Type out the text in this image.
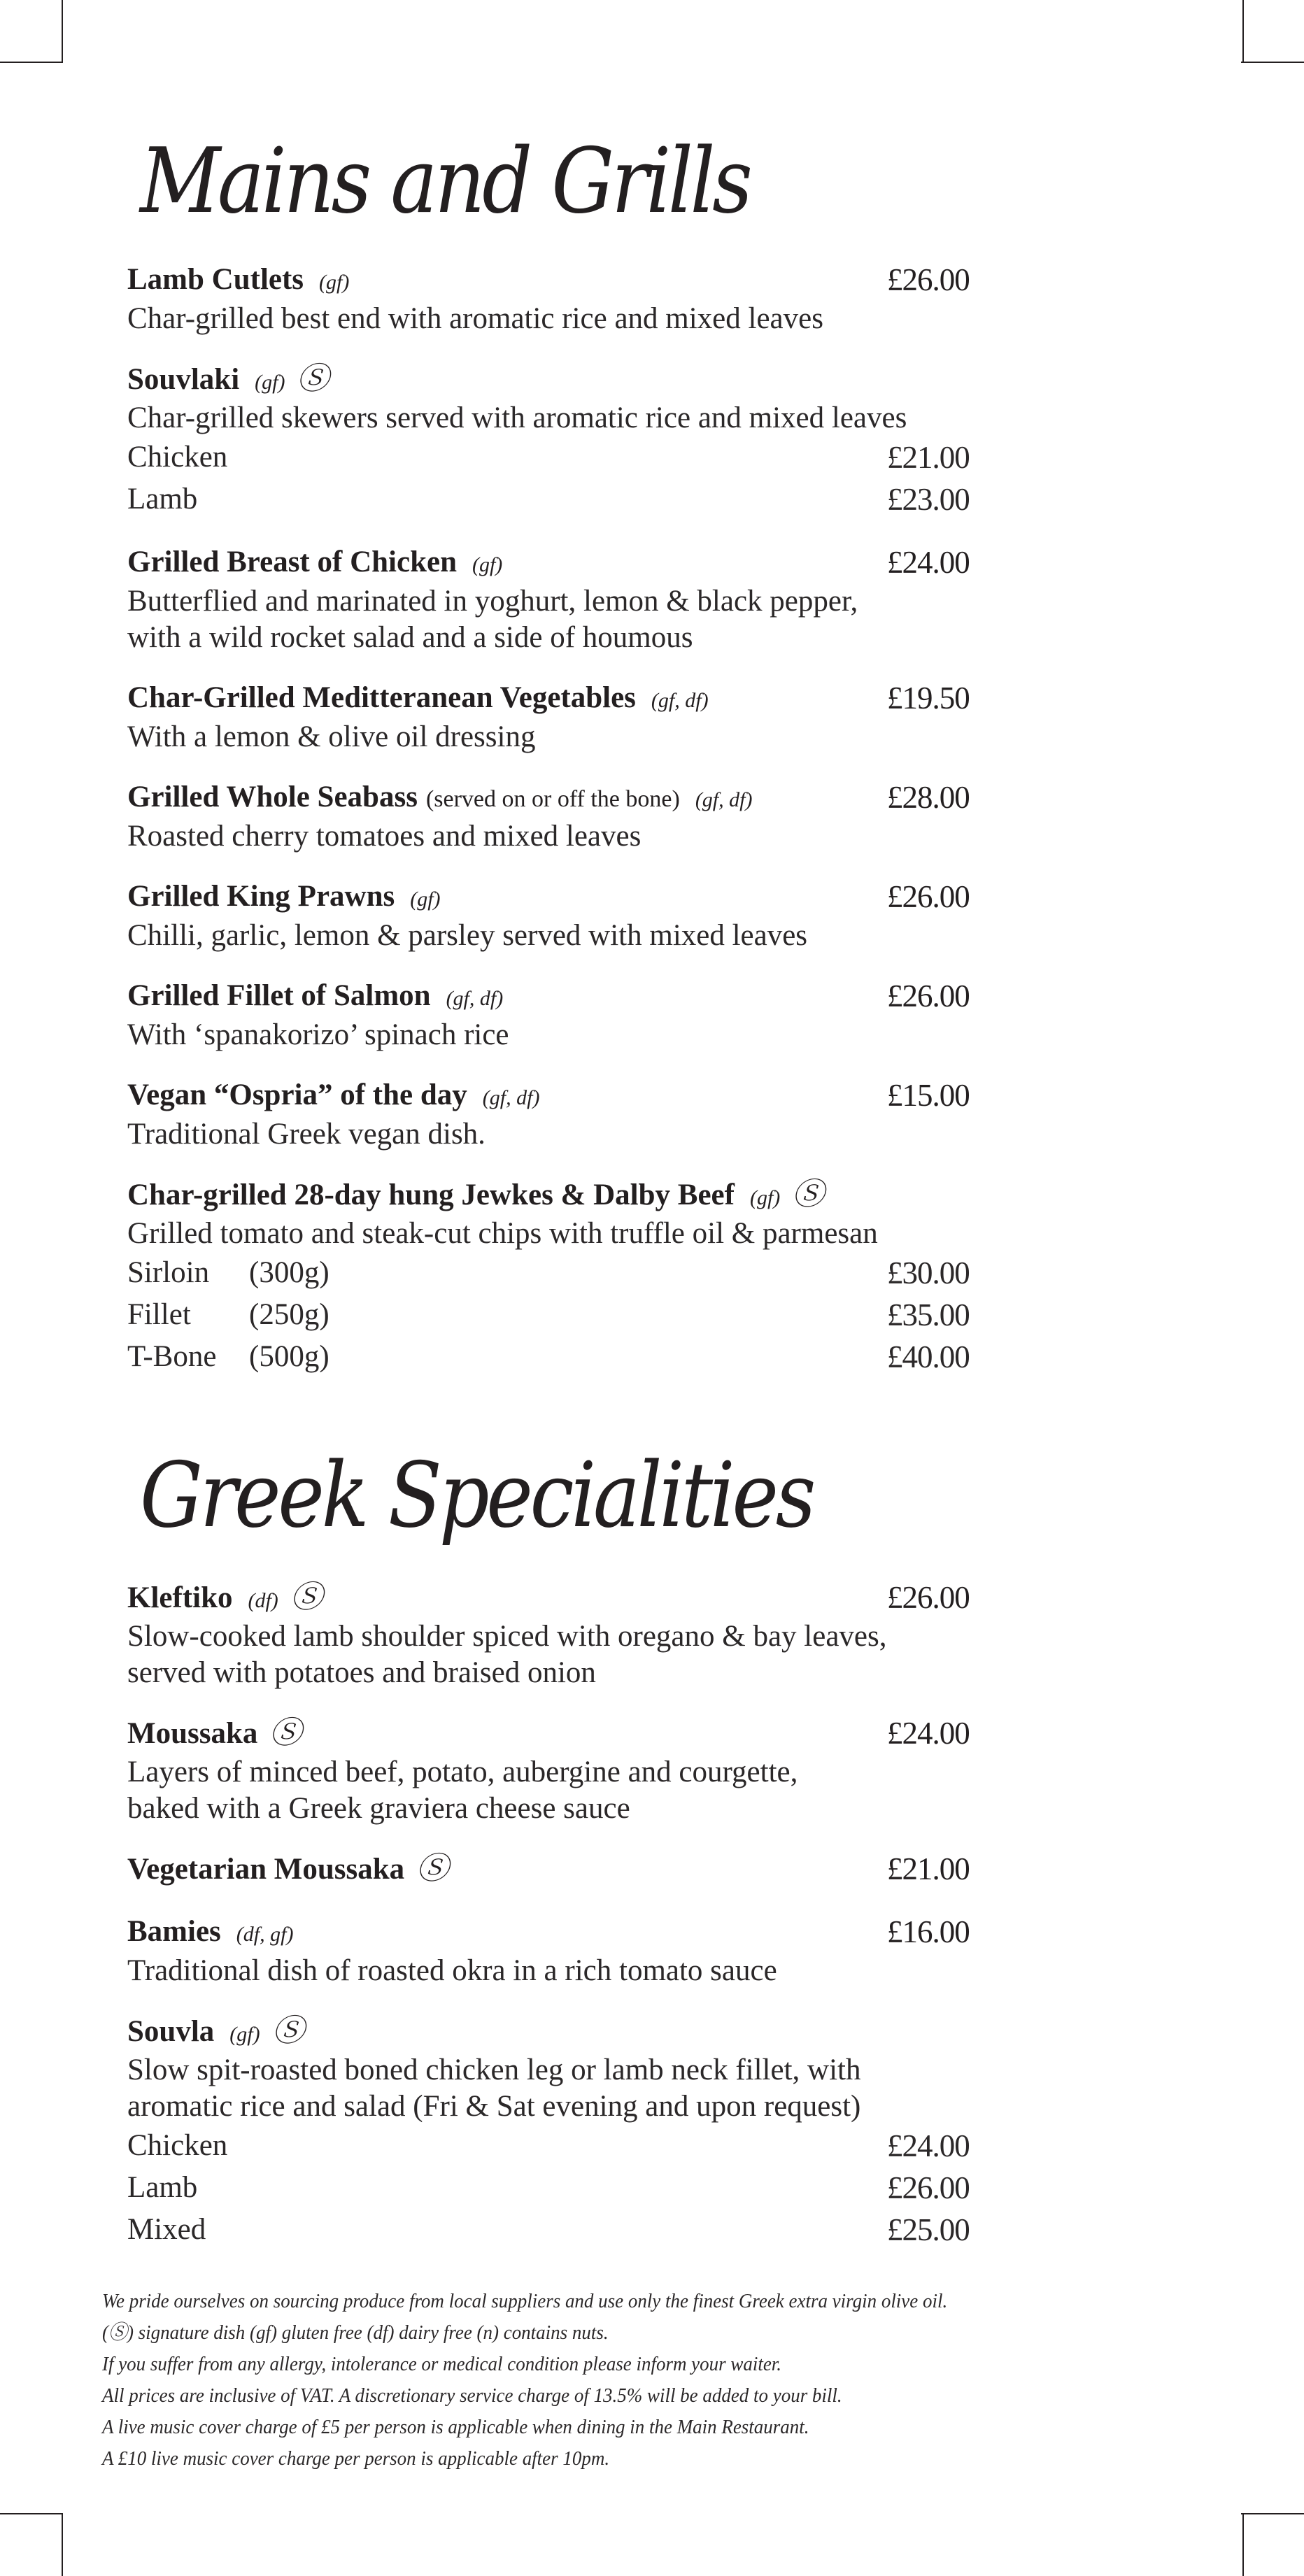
Mains and Grills
Lamb Cutlets (gf)	£26.00
Char-grilled best end with aromatic rice and mixed leaves
Souvlaki (gf) Ⓢ
Char-grilled skewers served with aromatic rice and mixed leaves
Chicken	£21.00
Lamb	£23.00
Grilled Breast of Chicken (gf)	£24.00
Butterflied and marinated in yoghurt, lemon & black pepper,
with a wild rocket salad and a side of houmous
Char-Grilled Meditteranean Vegetables (gf, df)	£19.50
With a lemon & olive oil dressing
Grilled Whole Seabass (served on or off the bone) (gf, df)	£28.00
Roasted cherry tomatoes and mixed leaves
Grilled King Prawns (gf)	£26.00
Chilli, garlic, lemon & parsley served with mixed leaves
Grilled Fillet of Salmon (gf, df)	£26.00
With ‘spanakorizo’ spinach rice
Vegan “Ospria” of the day (gf, df)	£15.00
Traditional Greek vegan dish.
Char-grilled 28-day hung Jewkes & Dalby Beef (gf) Ⓢ
Grilled tomato and steak-cut chips with truffle oil & parmesan
Sirloin	(300g)	£30.00
Fillet	(250g)	£35.00
T-Bone	(500g)	£40.00
Greek Specialities
Kleftiko (df) Ⓢ	£26.00
Slow-cooked lamb shoulder spiced with oregano & bay leaves,
served with potatoes and braised onion
Moussaka Ⓢ	£24.00
Layers of minced beef, potato, aubergine and courgette,
baked with a Greek graviera cheese sauce
Vegetarian Moussaka Ⓢ	£21.00
Bamies (df, gf)	£16.00
Traditional dish of roasted okra in a rich tomato sauce
Souvla (gf) Ⓢ
Slow spit-roasted boned chicken leg or lamb neck fillet, with
aromatic rice and salad (Fri & Sat evening and upon request)
Chicken	£24.00
Lamb	£26.00
Mixed	£25.00
We pride ourselves on sourcing produce from local suppliers and use only the finest Greek extra virgin olive oil.
(Ⓢ) signature dish (gf) gluten free (df) dairy free (n) contains nuts.
If you suffer from any allergy, intolerance or medical condition please inform your waiter.
All prices are inclusive of VAT. A discretionary service charge of 13.5% will be added to your bill.
A live music cover charge of £5 per person is applicable when dining in the Main Restaurant.
A £10 live music cover charge per person is applicable after 10pm.
